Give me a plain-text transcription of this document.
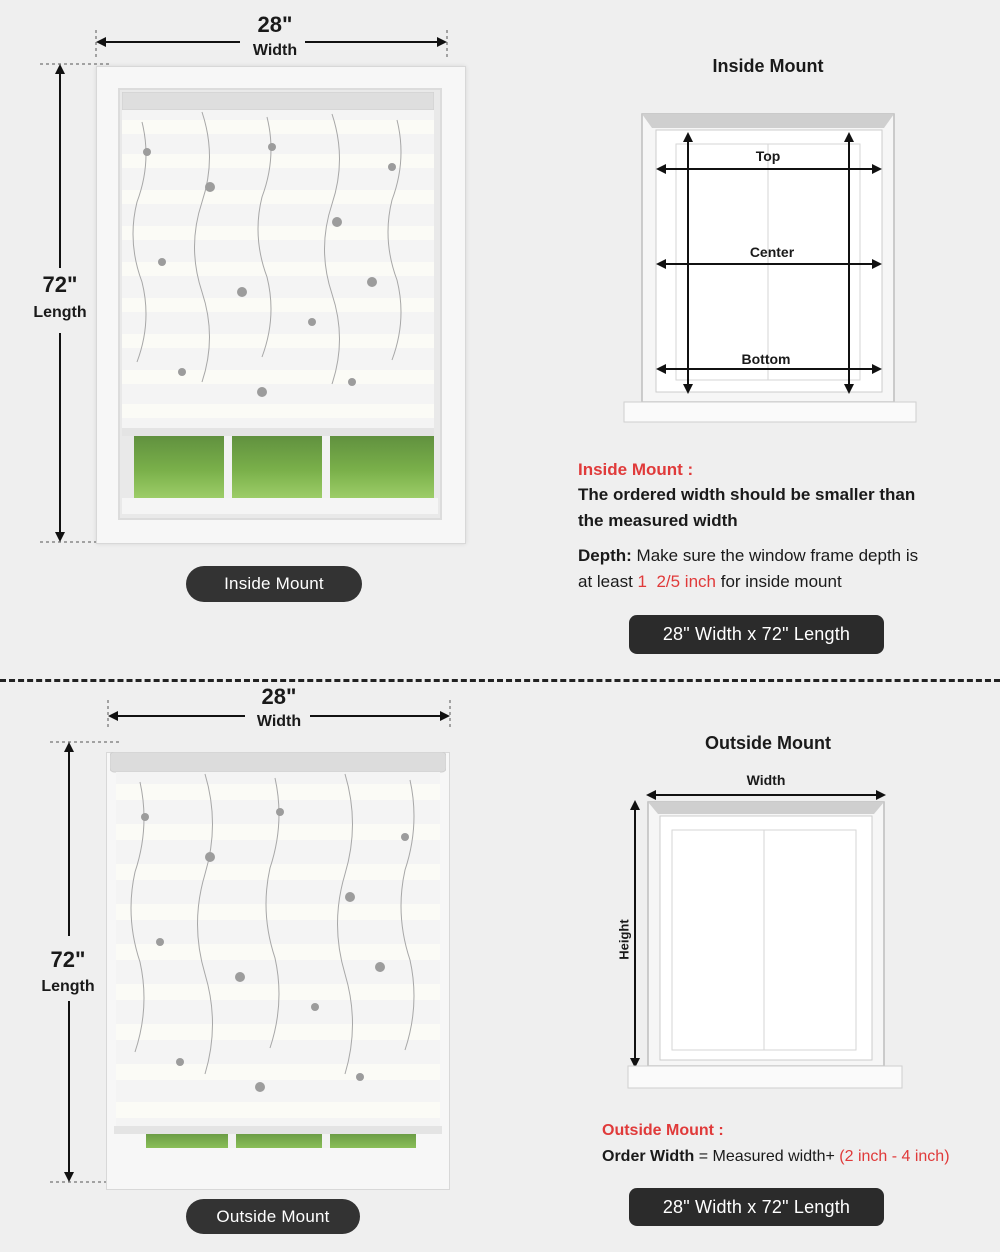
28"
Width
72"
Length
Inside Mount
Inside Mount
Top
Center
Bottom
Inside Mount :
The ordered width should be smaller than
the measured width
Depth: Make sure the window frame depth is
at least 1  2/5 inch for inside mount
28" Width x 72" Length
28"
Width
72"
Length
Outside Mount
Outside Mount
Width
Height
Outside Mount :
Order Width = Measured width+ (2 inch - 4 inch)
28" Width x 72" Length
